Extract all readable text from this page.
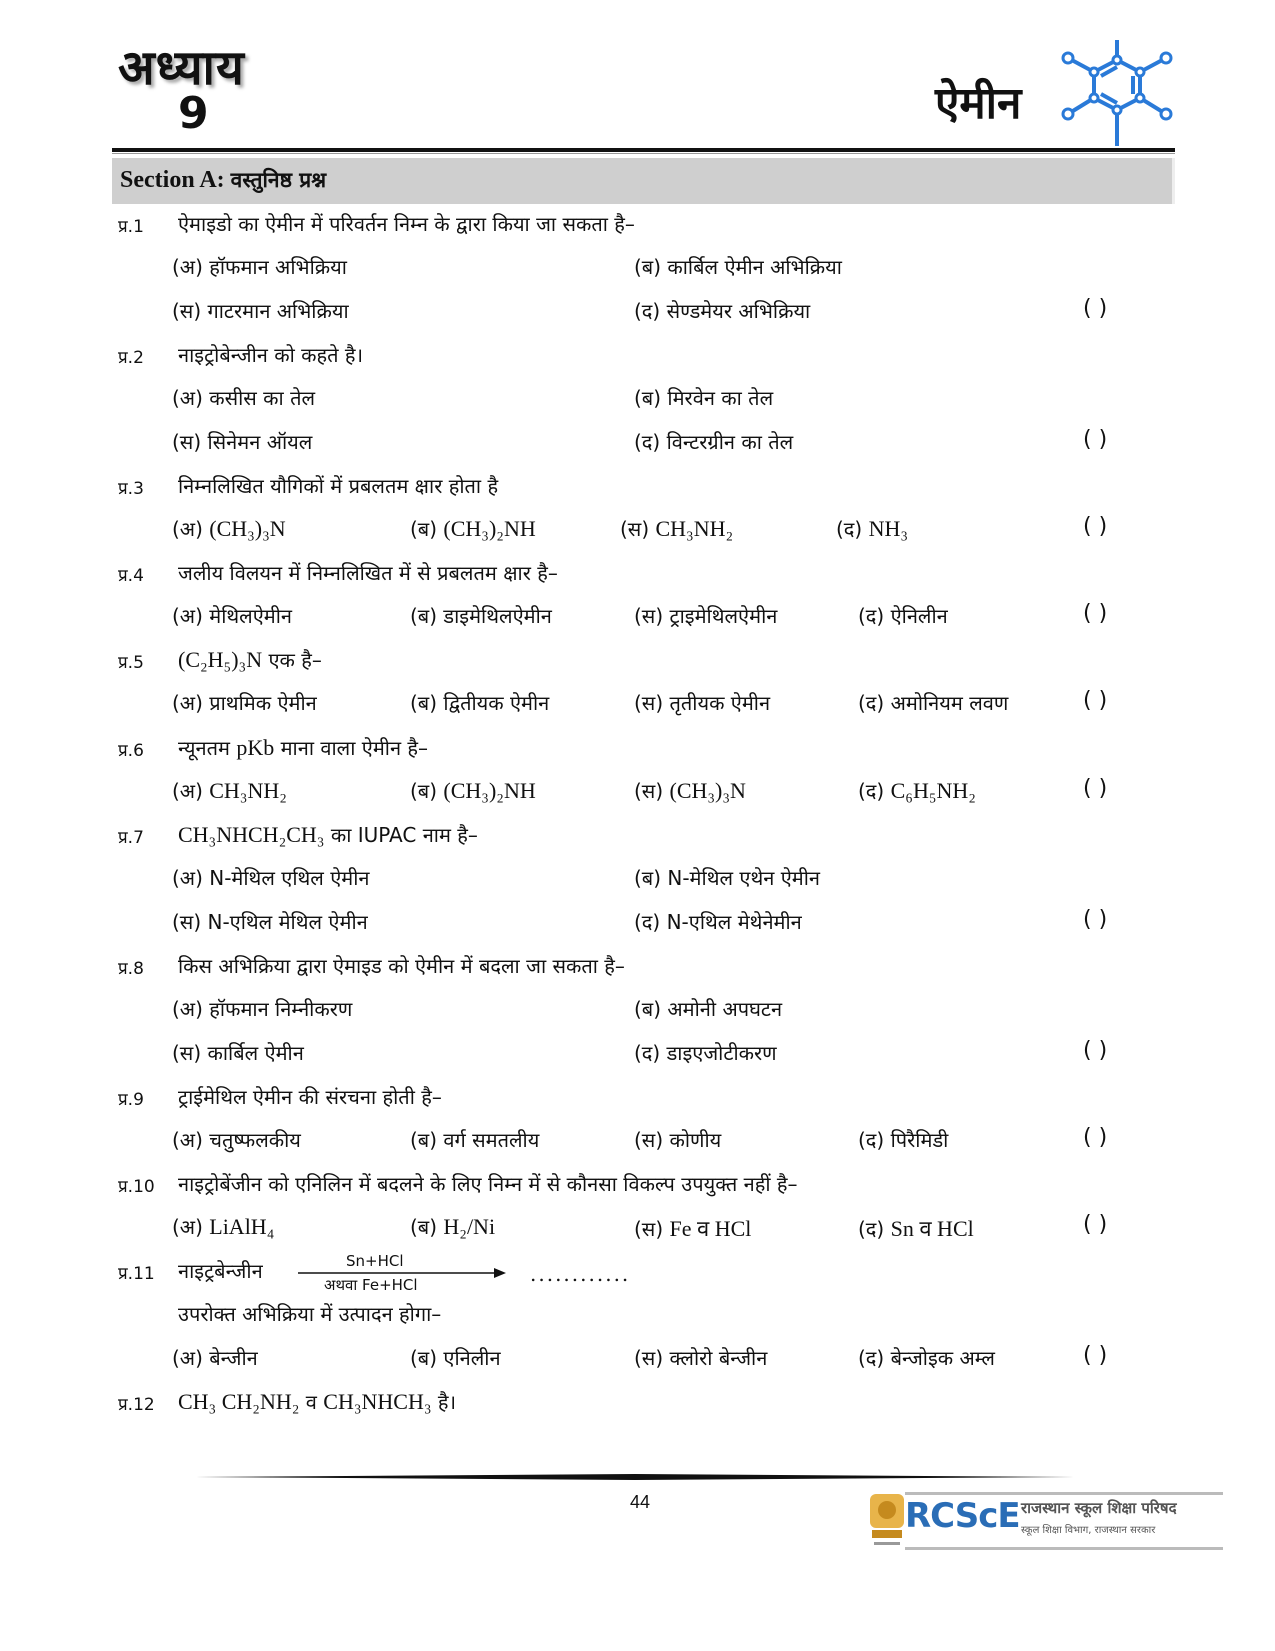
अध्याय
9	ऐमीन
Section A: वस्तुनिष्ठ प्रश्न
प्र.1 ऐमाइडो का ऐमीन में परिवर्तन निम्न के द्वारा किया जा सकता है–
(अ) हॉफमान अभिक्रिया	(ब) कार्बिल ऐमीन अभिक्रिया
(स) गाटरमान अभिक्रिया	(द) सेण्डमेयर अभिक्रिया	( )
प्र.2 नाइट्रोबेन्जीन को कहते है।
(अ) कसीस का तेल	(ब) मिरवेन का तेल
(स) सिनेमन ऑयल	(द) विन्टरग्रीन का तेल	( )
प्र.3 निम्नलिखित यौगिकों में प्रबलतम क्षार होता है
(अ) (CH₃)₃N	(ब) (CH₃)₂NH	(स) CH₃NH₂	(द) NH₃	( )
प्र.4 जलीय विलयन में निम्नलिखित में से प्रबलतम क्षार है–
(अ) मेथिलऐमीन	(ब) डाइमेथिलऐमीन	(स) ट्राइमेथिलऐमीन	(द) ऐनिलीन	( )
प्र.5 (C₂H₅)₃N एक है–
(अ) प्राथमिक ऐमीन	(ब) द्वितीयक ऐमीन	(स) तृतीयक ऐमीन	(द) अमोनियम लवण	( )
प्र.6 न्यूनतम pKb माना वाला ऐमीन है–
(अ) CH₃NH₂	(ब) (CH₃)₂NH	(स) (CH₃)₃N	(द) C₆H₅NH₂	( )
प्र.7 CH₃NHCH₂CH₃ का IUPAC नाम है–
(अ) N-मेथिल एथिल ऐमीन	(ब) N-मेथिल एथेन ऐमीन
(स) N-एथिल मेथिल ऐमीन	(द) N-एथिल मेथेनेमीन	( )
प्र.8 किस अभिक्रिया द्वारा ऐमाइड को ऐमीन में बदला जा सकता है–
(अ) हॉफमान निम्नीकरण	(ब) अमोनी अपघटन
(स) कार्बिल ऐमीन	(द) डाइएजोटीकरण	( )
प्र.9 ट्राईमेथिल ऐमीन की संरचना होती है–
(अ) चतुष्फलकीय	(ब) वर्ग समतलीय	(स) कोणीय	(द) पिरैमिडी	( )
प्र.10 नाइट्रोबेंजीन को एनिलिन में बदलने के लिए निम्न में से कौनसा विकल्प उपयुक्त नहीं है–
(अ) LiAlH₄	(ब) H₂/Ni	(स) Fe व HCl	(द) Sn व HCl	( )
प्र.11 नाइट्रबेन्जीन	Sn+HCl
अथवा Fe+HCl	............
उपरोक्त अभिक्रिया में उत्पादन होगा–
(अ) बेन्जीन	(ब) एनिलीन	(स) क्लोरो बेन्जीन	(द) बेन्जोइक अम्ल	( )
प्र.12 CH₃ CH₂NH₂ व CH₃NHCH₃ है।
44	RCScE राजस्थान स्कूल शिक्षा परिषद
स्कूल शिक्षा विभाग, राजस्थान सरकार
